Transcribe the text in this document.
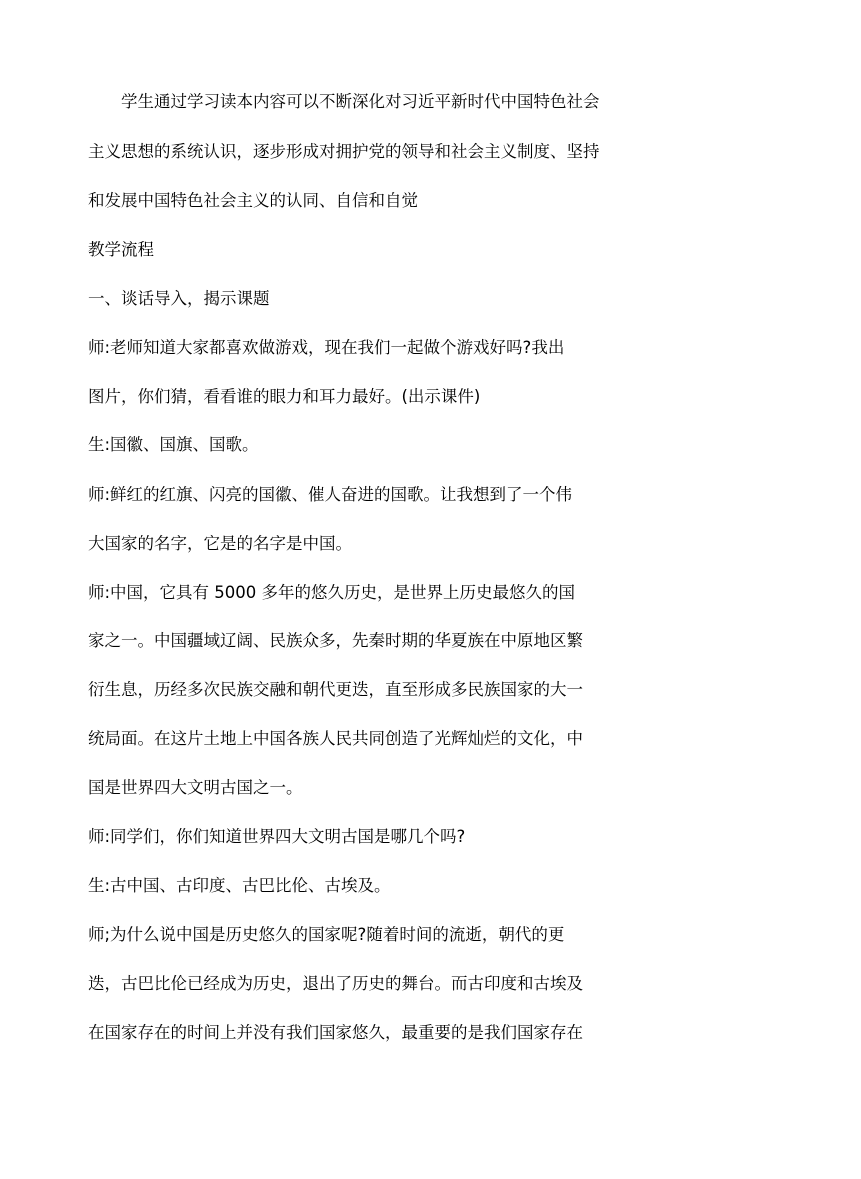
学生通过学习读本内容可以不断深化对习近平新时代中国特色社会
主义思想的系统认识，逐步形成对拥护党的领导和社会主义制度、坚持
和发展中国特色社会主义的认同、自信和自觉
教学流程
一、谈话导入，揭示课题
师:老师知道大家都喜欢做游戏，现在我们一起做个游戏好吗?我出
图片，你们猜，看看谁的眼力和耳力最好。(出示课件)
生:国徽、国旗、国歌。
师:鲜红的红旗、闪亮的国徽、催人奋进的国歌。让我想到了一个伟
大国家的名字，它是的名字是中国。
师:中国，它具有 5000 多年的悠久历史，是世界上历史最悠久的国
家之一。中国疆域辽阔、民族众多，先秦时期的华夏族在中原地区繁
衍生息，历经多次民族交融和朝代更迭，直至形成多民族国家的大一
统局面。在这片土地上中国各族人民共同创造了光辉灿烂的文化，中
国是世界四大文明古国之一。
师:同学们，你们知道世界四大文明古国是哪几个吗?
生:古中国、古印度、古巴比伦、古埃及。
师;为什么说中国是历史悠久的国家呢?随着时间的流逝，朝代的更
迭，古巴比伦已经成为历史，退出了历史的舞台。而古印度和古埃及
在国家存在的时间上并没有我们国家悠久，最重要的是我们国家存在
